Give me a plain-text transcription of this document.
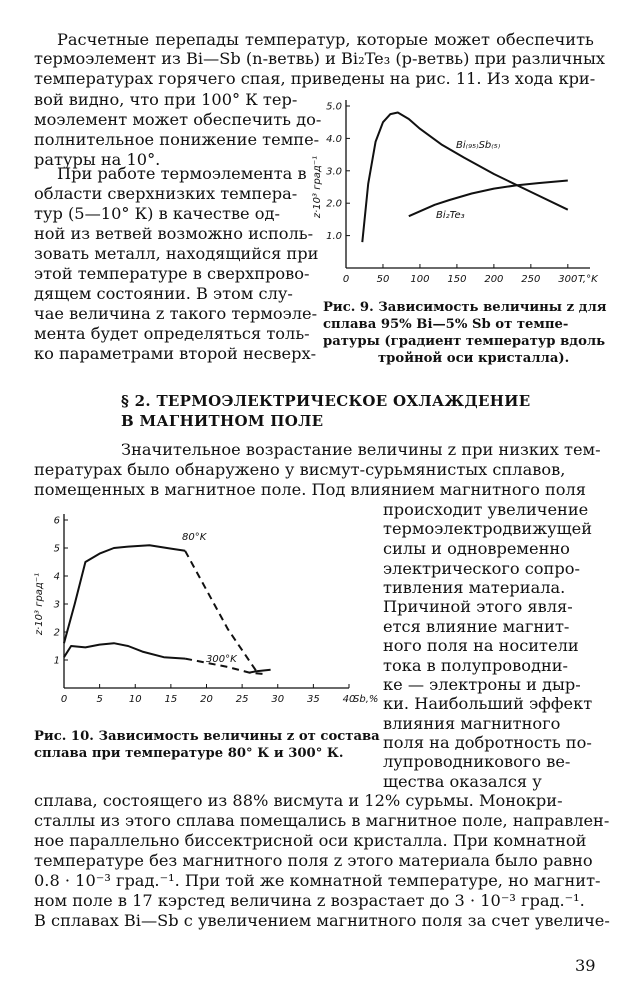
Расчетные перепады температур, которые может обеспечить
термоэлемент из Bi—Sb (n-ветвь) и Bi₂Te₃ (p-ветвь) при различных
температурах горячего спая, приведены на рис. 11. Из хода кри-
вой видно, что при 100° К тер-
моэлемент может обеспечить до-
полнительное понижение темпе-
ратуры на 10°.
При работе термоэлемента в
области сверхнизких темпера-
тур (5—10° К) в качестве од-
ной из ветвей возможно исполь-
зовать металл, находящийся при
этой температуре в сверхпрово-
дящем состоянии. В этом слу-
чае величина z такого термоэле-
мента будет определяться толь-
ко параметрами второй несверх-
0	50 100 150 200 250 300
1.0
2.0
3.0
4.0
5.0
T,°K
z·10³ град⁻¹
Bi₍₉₅₎Sb₍₅₎
Bi₂Te₃
Рис. 9. Зависимость величины z для
сплава 95% Bi—5% Sb от темпе-
ратуры (градиент температур вдоль
тройной оси кристалла).
§ 2. ТЕРМОЭЛЕКТРИЧЕСКОЕ ОХЛАЖДЕНИЕ
В МАГНИТНОМ ПОЛЕ
Значительное возрастание величины z при низких тем-
пературах было обнаружено у висмут-сурьмянистых сплавов,
помещенных в магнитное поле. Под влиянием магнитного поля
происходит увеличение
термоэлектродвижущей
силы и одновременно
электрического сопро-
тивления материала.
Причиной этого явля-
ется влияние магнит-
ного поля на носители
тока в полупроводни-
ке — электроны и дыр-
ки. Наибольший эффект
влияния магнитного
поля на добротность по-
лупроводникового ве-
щества оказался у
0	5	10 15 20 25 30 35 40
1
2
3
4
5
6
Sb,%
z·10³ град⁻¹
80°K
300°K
Рис. 10. Зависимость величины z от состава
сплава при температуре 80° К и 300° К.
сплава, состоящего из 88% висмута и 12% сурьмы. Монокри-
сталлы из этого сплава помещались в магнитное поле, направлен-
ное параллельно биссектрисной оси кристалла. При комнатной
температуре без магнитного поля z этого материала было равно
0.8 · 10⁻³ град.⁻¹. При той же комнатной температуре, но магнит-
ном поле в 17 кэрстед величина z возрастает до 3 · 10⁻³ град.⁻¹.
В сплавах Bi—Sb с увеличением магнитного поля за счет увеличе-
39
